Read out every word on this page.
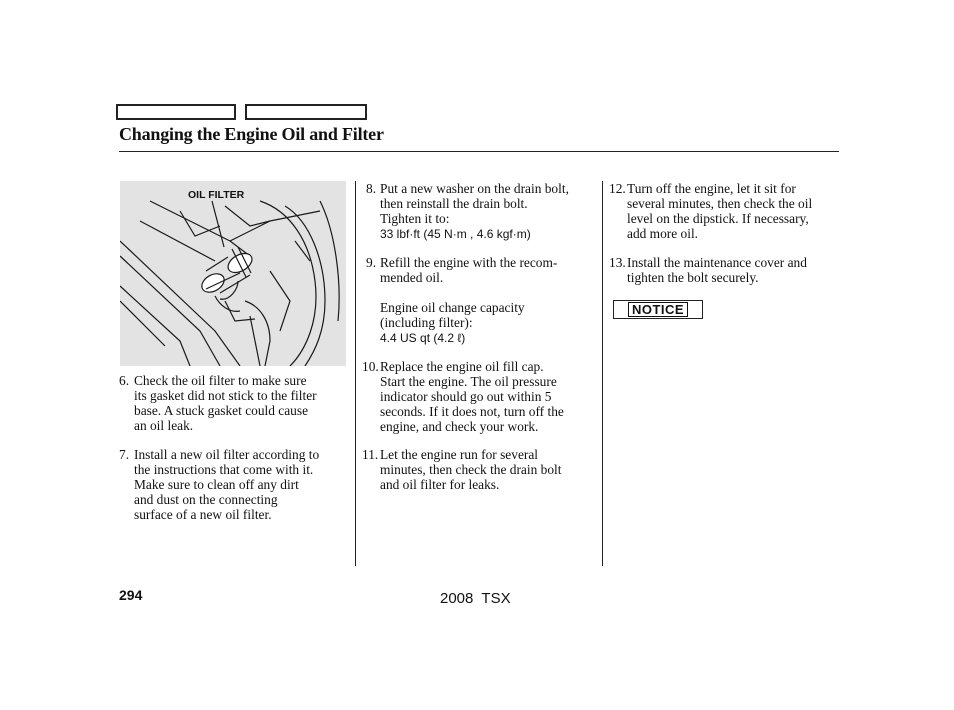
Changing the Engine Oil and Filter
OIL FILTER
6. Check the oil filter to make sure
its gasket did not stick to the filter
base. A stuck gasket could cause
an oil leak.
7. Install a new oil filter according to
the instructions that come with it.
Make sure to clean off any dirt
and dust on the connecting
surface of a new oil filter.
8. Put a new washer on the drain bolt,
then reinstall the drain bolt.
Tighten it to:
33 lbf·ft (45 N·m , 4.6 kgf·m)
9. Refill the engine with the recom-
mended oil.
Engine oil change capacity
(including filter):
4.4 US qt (4.2 ℓ)
10. Replace the engine oil fill cap.
Start the engine. The oil pressure
indicator should go out within 5
seconds. If it does not, turn off the
engine, and check your work.
11. Let the engine run for several
minutes, then check the drain bolt
and oil filter for leaks.
12. Turn off the engine, let it sit for
several minutes, then check the oil
level on the dipstick. If necessary,
add more oil.
13. Install the maintenance cover and
tighten the bolt securely.
NOTICE
294	2008  TSX
